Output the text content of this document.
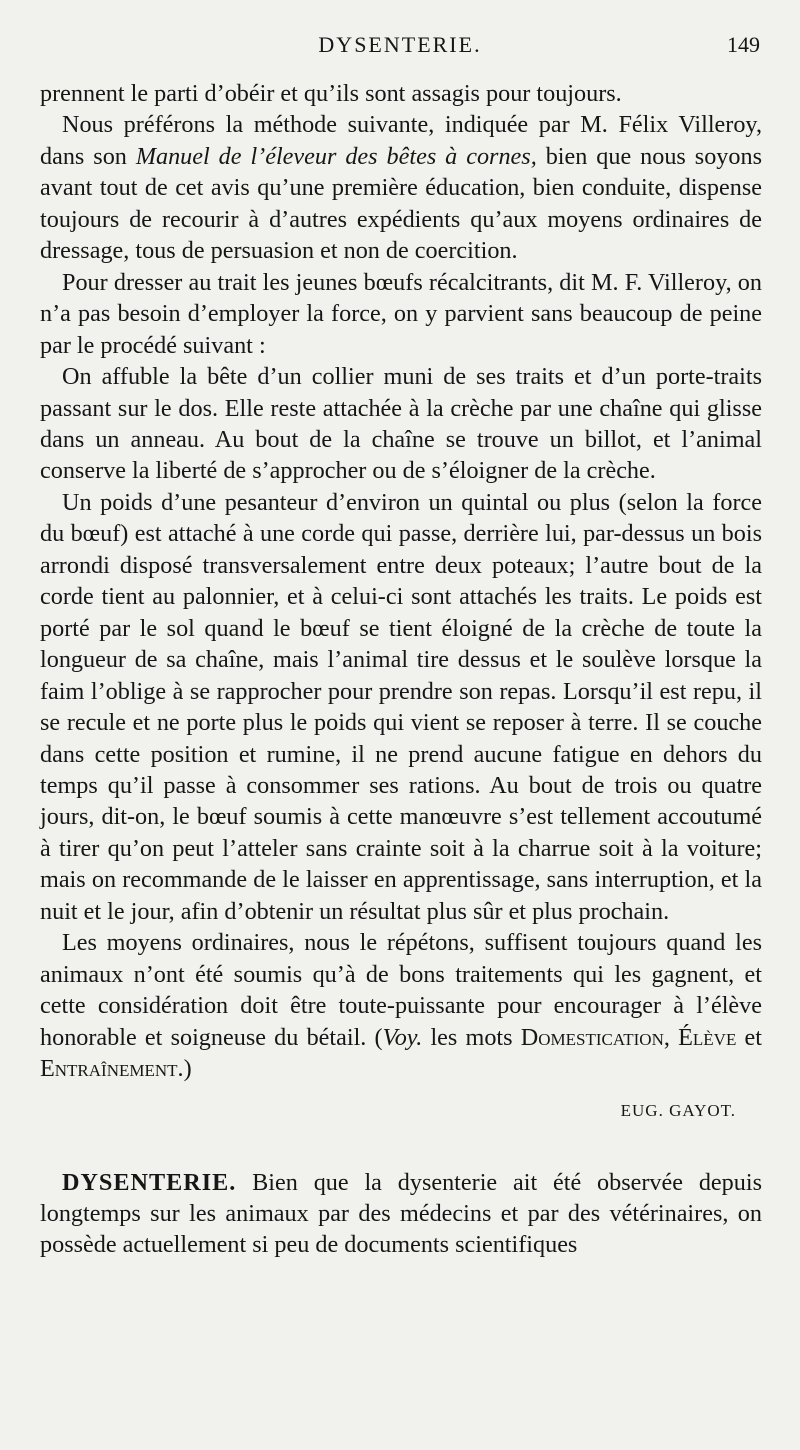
DYSENTERIE.	149

prennent le parti d’obéir et qu’ils sont assagis pour toujours.

Nous préférons la méthode suivante, indiquée par M. Félix Villeroy, dans son Manuel de l’éleveur des bêtes à cornes, bien que nous soyons avant tout de cet avis qu’une première éducation, bien conduite, dispense toujours de recourir à d’autres expédients qu’aux moyens ordinaires de dressage, tous de persuasion et non de coercition.

Pour dresser au trait les jeunes bœufs récalcitrants, dit M. F. Villeroy, on n’a pas besoin d’employer la force, on y parvient sans beaucoup de peine par le procédé suivant :

On affuble la bête d’un collier muni de ses traits et d’un porte-traits passant sur le dos. Elle reste attachée à la crèche par une chaîne qui glisse dans un anneau. Au bout de la chaîne se trouve un billot, et l’animal conserve la liberté de s’approcher ou de s’éloigner de la crèche.

Un poids d’une pesanteur d’environ un quintal ou plus (selon la force du bœuf) est attaché à une corde qui passe, derrière lui, par-dessus un bois arrondi disposé transversalement entre deux poteaux; l’autre bout de la corde tient au palonnier, et à celui-ci sont attachés les traits. Le poids est porté par le sol quand le bœuf se tient éloigné de la crèche de toute la longueur de sa chaîne, mais l’animal tire dessus et le soulève lorsque la faim l’oblige à se rapprocher pour prendre son repas. Lorsqu’il est repu, il se recule et ne porte plus le poids qui vient se reposer à terre. Il se couche dans cette position et rumine, il ne prend aucune fatigue en dehors du temps qu’il passe à consommer ses rations. Au bout de trois ou quatre jours, dit-on, le bœuf soumis à cette manœuvre s’est tellement accoutumé à tirer qu’on peut l’atteler sans crainte soit à la charrue soit à la voiture; mais on recommande de le laisser en apprentissage, sans interruption, et la nuit et le jour, afin d’obtenir un résultat plus sûr et plus prochain.

Les moyens ordinaires, nous le répétons, suffisent toujours quand les animaux n’ont été soumis qu’à de bons traitements qui les gagnent, et cette considération doit être toute-puissante pour encourager à l’élève honorable et soigneuse du bétail. (Voy. les mots Domestication, Élève et Entraînement.)

EUG. GAYOT.

DYSENTERIE. Bien que la dysenterie ait été observée depuis longtemps sur les animaux par des médecins et par des vétérinaires, on possède actuellement si peu de documents scientifiques
